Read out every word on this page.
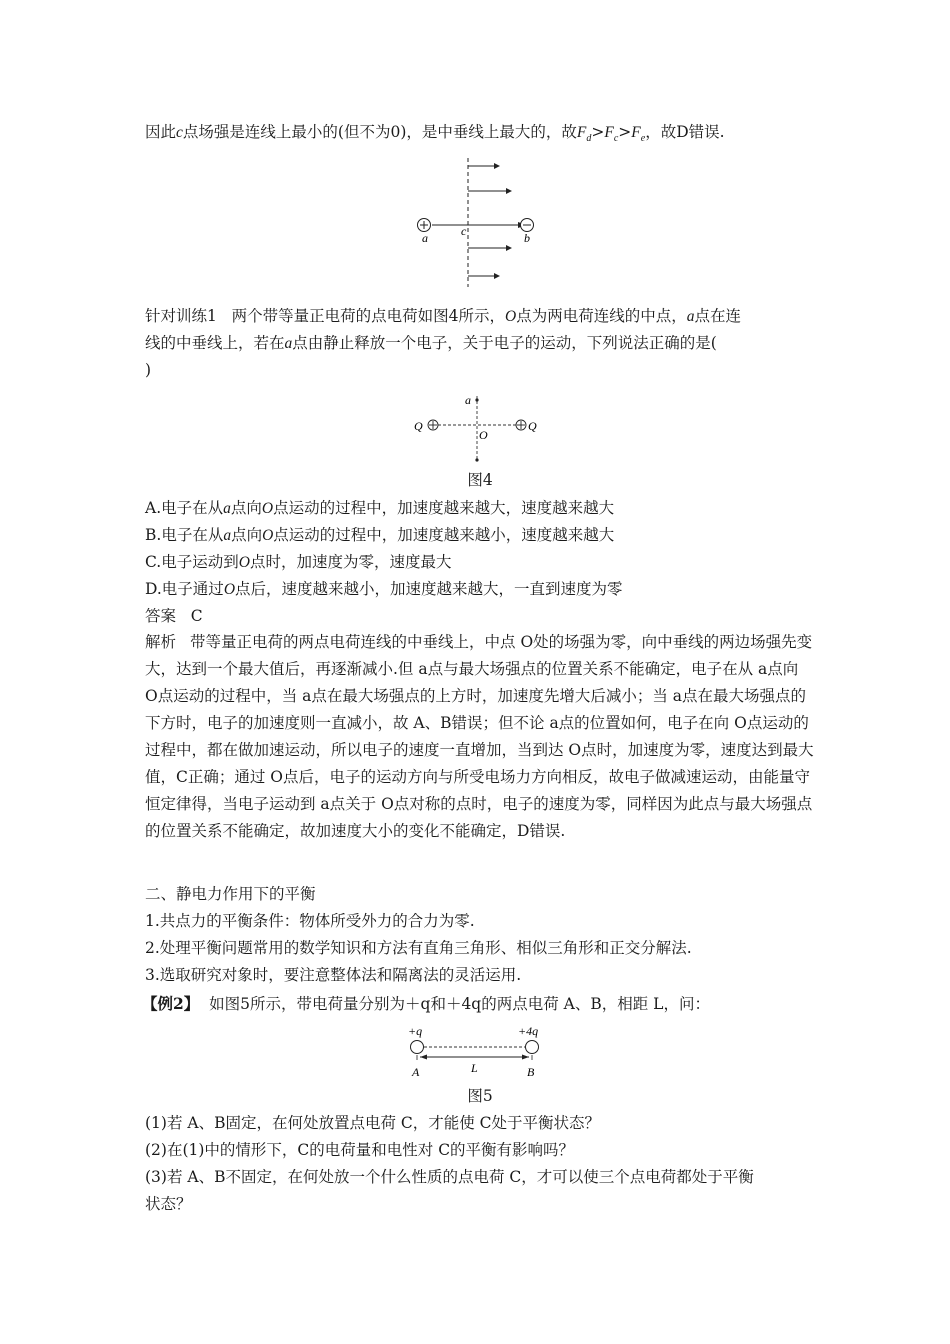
因此c点场强是连线上最小的(但不为0)，是中垂线上最大的，故$F_d>F_c>F_e$，故D错误.
a	c	b
针对训练1 两个带等量正电荷的点电荷如图4所示，O点为两电荷连线的中点，a点在连
线的中垂线上，若在a点由静止释放一个电子，关于电子的运动，下列说法正确的是(
)
a
O
Q	Q
图4
A.电子在从a点向O点运动的过程中，加速度越来越大，速度越来越大
B.电子在从a点向O点运动的过程中，加速度越来越小，速度越来越大
C.电子运动到O点时，加速度为零，速度最大
D.电子通过O点后，速度越来越小，加速度越来越大，一直到速度为零
答案 C
解析 带等量正电荷的两点电荷连线的中垂线上，中点 O处的场强为零，向中垂线的两边场强先变大，达到一个最大值后，再逐渐减小.但 a点与最大场强点的位置关系不能确定，电子在从 a点向 O点运动的过程中，当 a点在最大场强点的上方时，加速度先增大后减小；当 a点在最大场强点的下方时，电子的加速度则一直减小，故 A、B错误；但不论 a点的位置如何，电子在向 O点运动的过程中，都在做加速运动，所以电子的速度一直增加，当到达 O点时，加速度为零，速度达到最大值，C正确；通过 O点后，电子的运动方向与所受电场力方向相反，故电子做减速运动，由能量守恒定律得，当电子运动到 a点关于 O点对称的点时，电子的速度为零，同样因为此点与最大场强点的位置关系不能确定，故加速度大小的变化不能确定，D错误.
二、静电力作用下的平衡
1.共点力的平衡条件：物体所受外力的合力为零.
2.处理平衡问题常用的数学知识和方法有直角三角形、相似三角形和正交分解法.
3.选取研究对象时，要注意整体法和隔离法的灵活运用.
【例2】 如图5所示，带电荷量分别为＋q和＋4q的两点电荷 A、B，相距 L，问：
+q	+4q
L
A	B
图5
(1)若 A、B固定，在何处放置点电荷 C，才能使 C处于平衡状态？
(2)在(1)中的情形下，C的电荷量和电性对 C的平衡有影响吗？
(3)若 A、B不固定，在何处放一个什么性质的点电荷 C，才可以使三个点电荷都处于平衡
状态？
